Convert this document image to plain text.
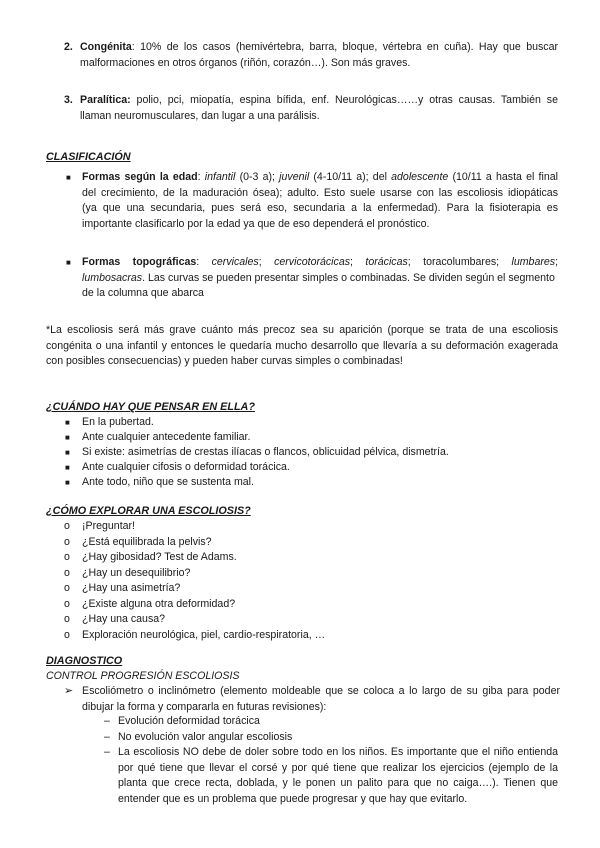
2. Congénita: 10% de los casos (hemivértebra, barra, bloque, vértebra en cuña). Hay que buscar
malformaciones en otros órganos (riñón, corazón…). Son más graves.
3. Paralítica: polio, pci, miopatía, espina bífida, enf. Neurológicas……y otras causas. También se
llaman neuromusculares, dan lugar a una parálisis.
CLASIFICACIÓN
■ Formas según la edad: infantil (0-3 a); juvenil (4-10/11 a); del adolescente (10/11 a hasta el final
del crecimiento, de la maduración ósea); adulto. Esto suele usarse con las escoliosis idiopáticas
(ya que una secundaria, pues será eso, secundaria a la enfermedad). Para la fisioterapia es
importante clasificarlo por la edad ya que de eso dependerá el pronóstico.
■ Formas topográficas: cervicales; cervicotorácicas; torácicas; toracolumbares; lumbares;
lumbosacras. Las curvas se pueden presentar simples o combinadas. Se dividen según el segmento
de la columna que abarca
*La escoliosis será más grave cuánto más precoz sea su aparición (porque se trata de una escoliosis
congénita o una infantil y entonces le quedaría mucho desarrollo que llevaría a su deformación exagerada
con posibles consecuencias) y pueden haber curvas simples o combinadas!
¿CUÁNDO HAY QUE PENSAR EN ELLA?
■ En la pubertad.
■ Ante cualquier antecedente familiar.
■ Si existe: asimetrías de crestas ilíacas o flancos, oblicuidad pélvica, dismetría.
■ Ante cualquier cifosis o deformidad torácica.
■ Ante todo, niño que se sustenta mal.
¿CÓMO EXPLORAR UNA ESCOLIOSIS?
o ¡Preguntar!
o ¿Está equilibrada la pelvis?
o ¿Hay gibosidad? Test de Adams.
o ¿Hay un desequilibrio?
o ¿Hay una asimetría?
o ¿Existe alguna otra deformidad?
o ¿Hay una causa?
o Exploración neurológica, piel, cardio-respiratoria, …
DIAGNOSTICO
CONTROL PROGRESIÓN ESCOLIOSIS
➢ Escoliómetro o inclinómetro (elemento moldeable que se coloca a lo largo de su giba para poder
dibujar la forma y compararla en futuras revisiones):
– Evolución deformidad torácica
– No evolución valor angular escoliosis
– La escoliosis NO debe de doler sobre todo en los niños. Es importante que el niño entienda
por qué tiene que llevar el corsé y por qué tiene que realizar los ejercicios (ejemplo de la
planta que crece recta, doblada, y le ponen un palito para que no caiga….). Tienen que
entender que es un problema que puede progresar y que hay que evitarlo.
